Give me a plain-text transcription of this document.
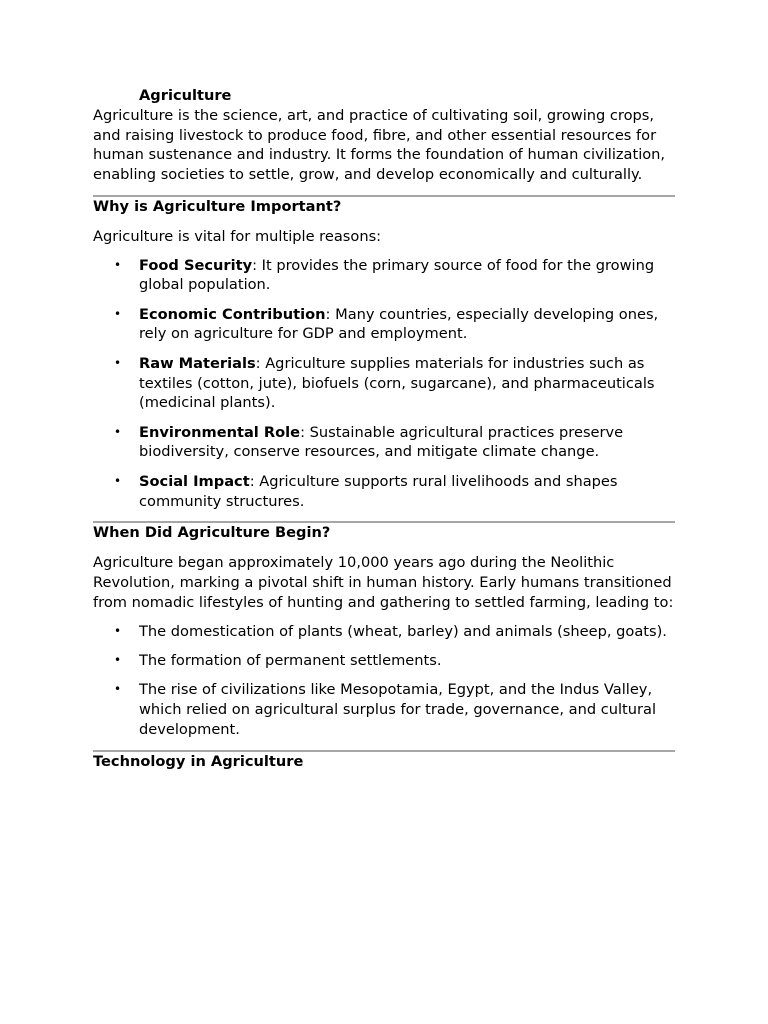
Agriculture

Agriculture is the science, art, and practice of cultivating soil, growing crops, and raising livestock to produce food, fibre, and other essential resources for human sustenance and industry. It forms the foundation of human civilization, enabling societies to settle, grow, and develop economically and culturally.

Why is Agriculture Important?

Agriculture is vital for multiple reasons:

• Food Security: It provides the primary source of food for the growing global population.
• Economic Contribution: Many countries, especially developing ones, rely on agriculture for GDP and employment.
• Raw Materials: Agriculture supplies materials for industries such as textiles (cotton, jute), biofuels (corn, sugarcane), and pharmaceuticals (medicinal plants).
• Environmental Role: Sustainable agricultural practices preserve biodiversity, conserve resources, and mitigate climate change.
• Social Impact: Agriculture supports rural livelihoods and shapes community structures.
When Did Agriculture Begin?

Agriculture began approximately 10,000 years ago during the Neolithic Revolution, marking a pivotal shift in human history. Early humans transitioned from nomadic lifestyles of hunting and gathering to settled farming, leading to:

• The domestication of plants (wheat, barley) and animals (sheep, goats).
• The formation of permanent settlements.
• The rise of civilizations like Mesopotamia, Egypt, and the Indus Valley, which relied on agricultural surplus for trade, governance, and cultural development.
Technology in Agriculture
